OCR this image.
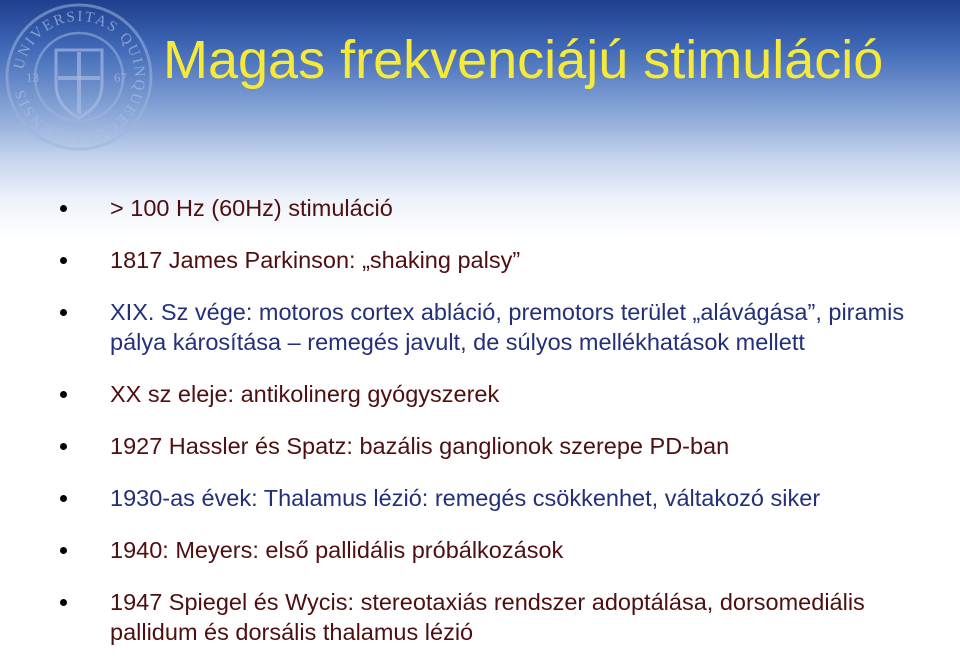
UNIVERSITAS QUINQUEECCLESIENSIS
13	67 Magas frekvenciájú stimuláció
> 100 Hz (60Hz) stimuláció
1817 James Parkinson: „shaking palsy”
XIX. Sz vége: motoros cortex abláció, premotors terület „alávágása”, piramis pálya károsítása – remegés javult, de súlyos mellékhatások mellett
XX sz eleje: antikolinerg gyógyszerek
1927 Hassler és Spatz: bazális ganglionok szerepe PD-ban
1930-as évek: Thalamus lézió: remegés csökkenhet, váltakozó siker
1940: Meyers: első pallidális próbálkozások
1947 Spiegel és Wycis: stereotaxiás rendszer adoptálása, dorsomediális pallidum és dorsális thalamus lézió
